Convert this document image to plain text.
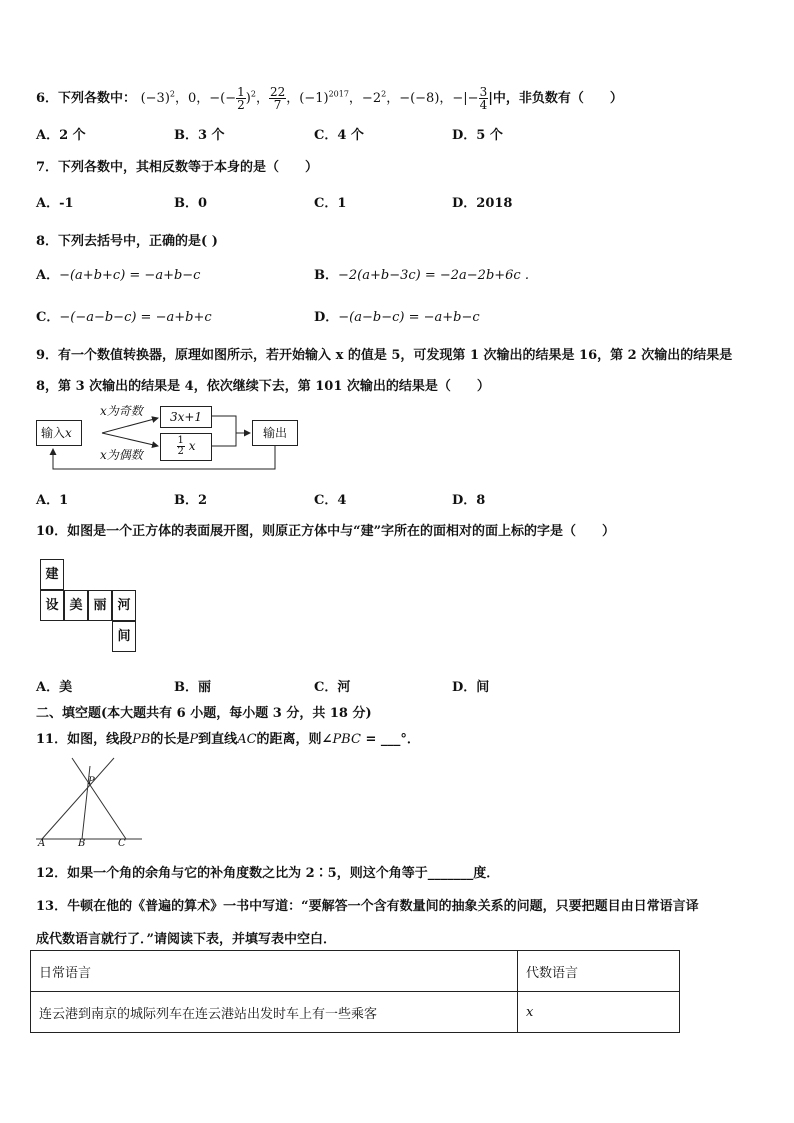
6．下列各数中： $(-3)^2$，0，−(− $\frac{1}{2} )^2$， $\frac{22}{7}$ ，$(-1)^{2017}$，$-2^2$，−(−8)，−|− $\frac{3}{4}$ |中，非负数有（　　）
A．2 个	B．3 个	C．4 个	D．5 个
7．下列各数中，其相反数等于本身的是（　　）
A．-1	B．0	C．1	D．2018
8．下列去括号中，正确的是( )
A．−(a+b+c) = −a+b−c	B．−2(a+b−3c) = −2a−2b+6c .
C．−(−a−b−c) = −a+b+c	D．−(a−b−c) = −a+b−c
9．有一个数值转换器，原理如图所示，若开始输入 x 的值是 5，可发现第 1 次输出的结果是 16，第 2 次输出的结果是
8，第 3 次输出的结果是 4，依次继续下去，第 101 次输出的结果是（　　）
输入x
x为奇数
x为偶数
3x+1
$\frac{1}{2}$ x
输出
A．1	B．2	C．4	D．8
10．如图是一个正方体的表面展开图，则原正方体中与“建”字所在的面相对的面上标的字是（　　）
建
设 美 丽 河
间
A．美	B．丽	C．河	D．间
二、填空题(本大题共有 6 小题，每小题 3 分，共 18 分)
11．如图，线段PB的长是P到直线AC的距离，则∠PBC = ___°．
P
A	B	C
12．如果一个角的余角与它的补角度数之比为 2∶5，则这个角等于_______度．
13．牛顿在他的《普遍的算术》一书中写道：“要解答一个含有数量间的抽象关系的问题，只要把题目由日常语言译
成代数语言就行了．”请阅读下表，并填写表中空白．
日常语言	代数语言
连云港到南京的城际列车在连云港站出发时车上有一些乘客	x
